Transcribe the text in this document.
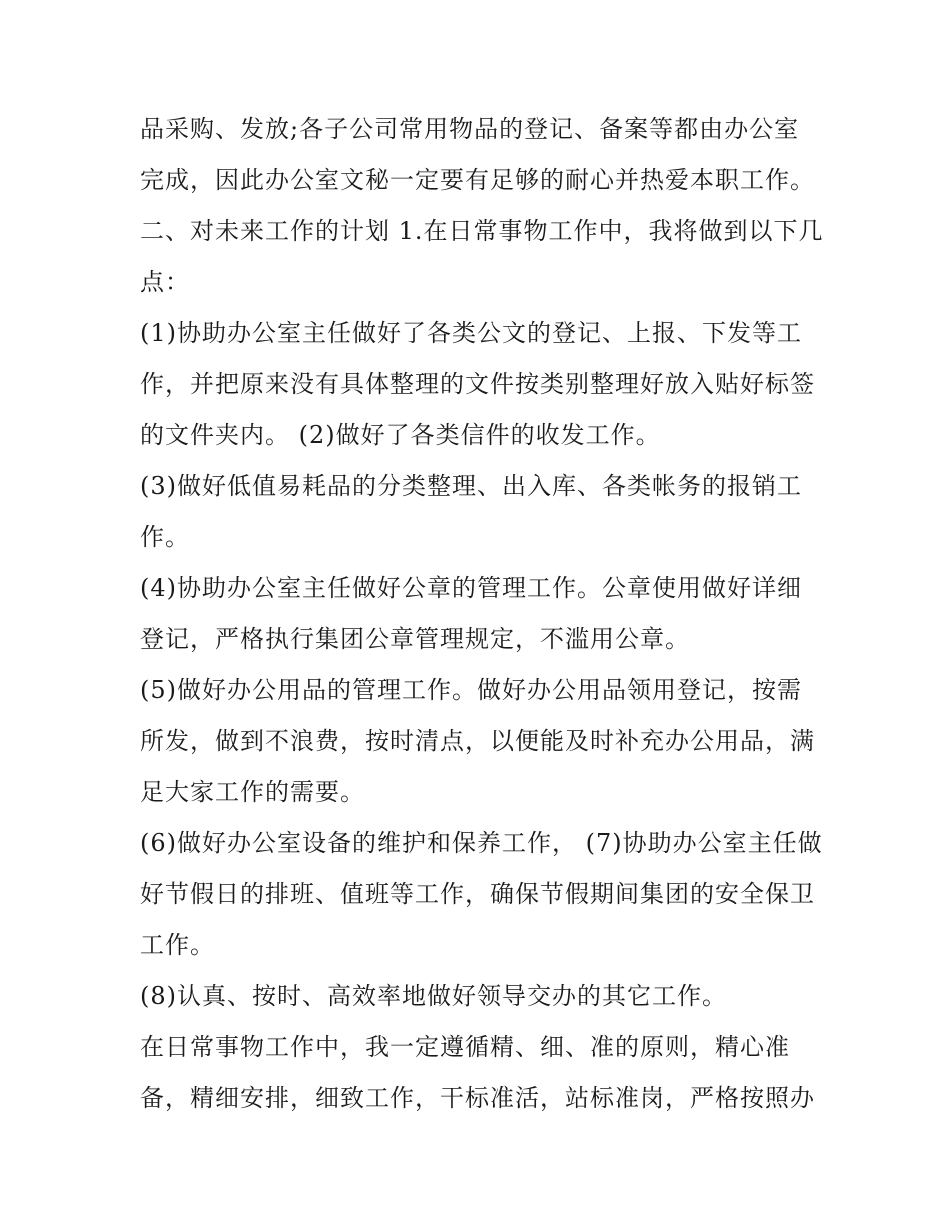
品采购、发放;各子公司常用物品的登记、备案等都由办公室
完成，因此办公室文秘一定要有足够的耐心并热爱本职工作。
二、对未来工作的计划 1.在日常事物工作中，我将做到以下几
点：
(1)协助办公室主任做好了各类公文的登记、上报、下发等工
作，并把原来没有具体整理的文件按类别整理好放入贴好标签
的文件夹内。 (2)做好了各类信件的收发工作。
(3)做好低值易耗品的分类整理、出入库、各类帐务的报销工
作。
(4)协助办公室主任做好公章的管理工作。公章使用做好详细
登记，严格执行集团公章管理规定，不滥用公章。
(5)做好办公用品的管理工作。做好办公用品领用登记，按需
所发，做到不浪费，按时清点，以便能及时补充办公用品，满
足大家工作的需要。
(6)做好办公室设备的维护和保养工作， (7)协助办公室主任做
好节假日的排班、值班等工作，确保节假期间集团的安全保卫
工作。
(8)认真、按时、高效率地做好领导交办的其它工作。
在日常事物工作中，我一定遵循精、细、准的原则，精心准
备，精细安排，细致工作，干标准活，站标准岗，严格按照办
